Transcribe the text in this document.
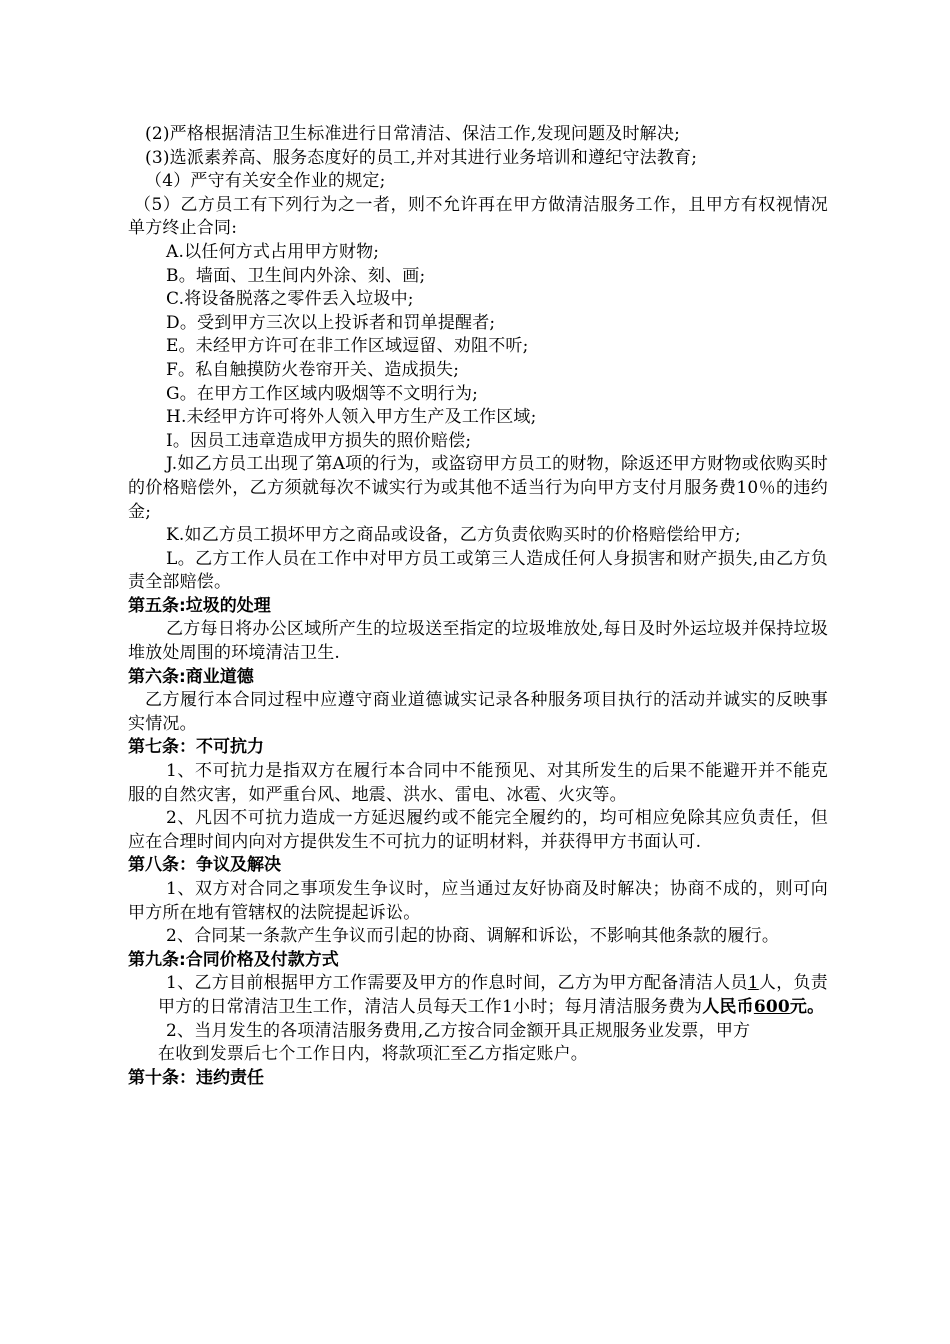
(2)严格根据清洁卫生标准进行日常清洁、保洁工作,发现问题及时解决;

(3)选派素养高、服务态度好的员工,并对其进行业务培训和遵纪守法教育;

（4）严守有关安全作业的规定;

（5）乙方员工有下列行为之一者，则不允许再在甲方做清洁服务工作，且甲方有权视情况单方终止合同:

A.以任何方式占用甲方财物;

B。墙面、卫生间内外涂、刻、画;

C.将设备脱落之零件丢入垃圾中;

D。受到甲方三次以上投诉者和罚单提醒者;

E。未经甲方许可在非工作区域逗留、劝阻不听;

F。私自触摸防火卷帘开关、造成损失;

G。在甲方工作区域内吸烟等不文明行为;

H.未经甲方许可将外人领入甲方生产及工作区域;

I。因员工违章造成甲方损失的照价赔偿;

J.如乙方员工出现了第A项的行为，或盗窃甲方员工的财物，除返还甲方财物或依购买时的价格赔偿外，乙方须就每次不诚实行为或其他不适当行为向甲方支付月服务费10％的违约金;

K.如乙方员工损坏甲方之商品或设备，乙方负责依购买时的价格赔偿给甲方;

L。乙方工作人员在工作中对甲方员工或第三人造成任何人身损害和财产损失,由乙方负责全部赔偿。

第五条:垃圾的处理

乙方每日将办公区域所产生的垃圾送至指定的垃圾堆放处,每日及时外运垃圾并保持垃圾堆放处周围的环境清洁卫生.

第六条:商业道德

乙方履行本合同过程中应遵守商业道德诚实记录各种服务项目执行的活动并诚实的反映事实情况。

第七条：不可抗力

1、不可抗力是指双方在履行本合同中不能预见、对其所发生的后果不能避开并不能克服的自然灾害，如严重台风、地震、洪水、雷电、冰雹、火灾等。

2、凡因不可抗力造成一方延迟履约或不能完全履约的，均可相应免除其应负责任，但应在合理时间内向对方提供发生不可抗力的证明材料，并获得甲方书面认可.

第八条：争议及解决

1、双方对合同之事项发生争议时，应当通过友好协商及时解决；协商不成的，则可向甲方所在地有管辖权的法院提起诉讼。

2、合同某一条款产生争议而引起的协商、调解和诉讼，不影响其他条款的履行。

第九条:合同价格及付款方式

1、乙方目前根据甲方工作需要及甲方的作息时间，乙方为甲方配备清洁人员1人，负责甲方的日常清洁卫生工作，清洁人员每天工作1小时；每月清洁服务费为人民币600元。

2、当月发生的各项清洁服务费用,乙方按合同金额开具正规服务业发票，甲方
在收到发票后七个工作日内，将款项汇至乙方指定账户。

第十条：违约责任
